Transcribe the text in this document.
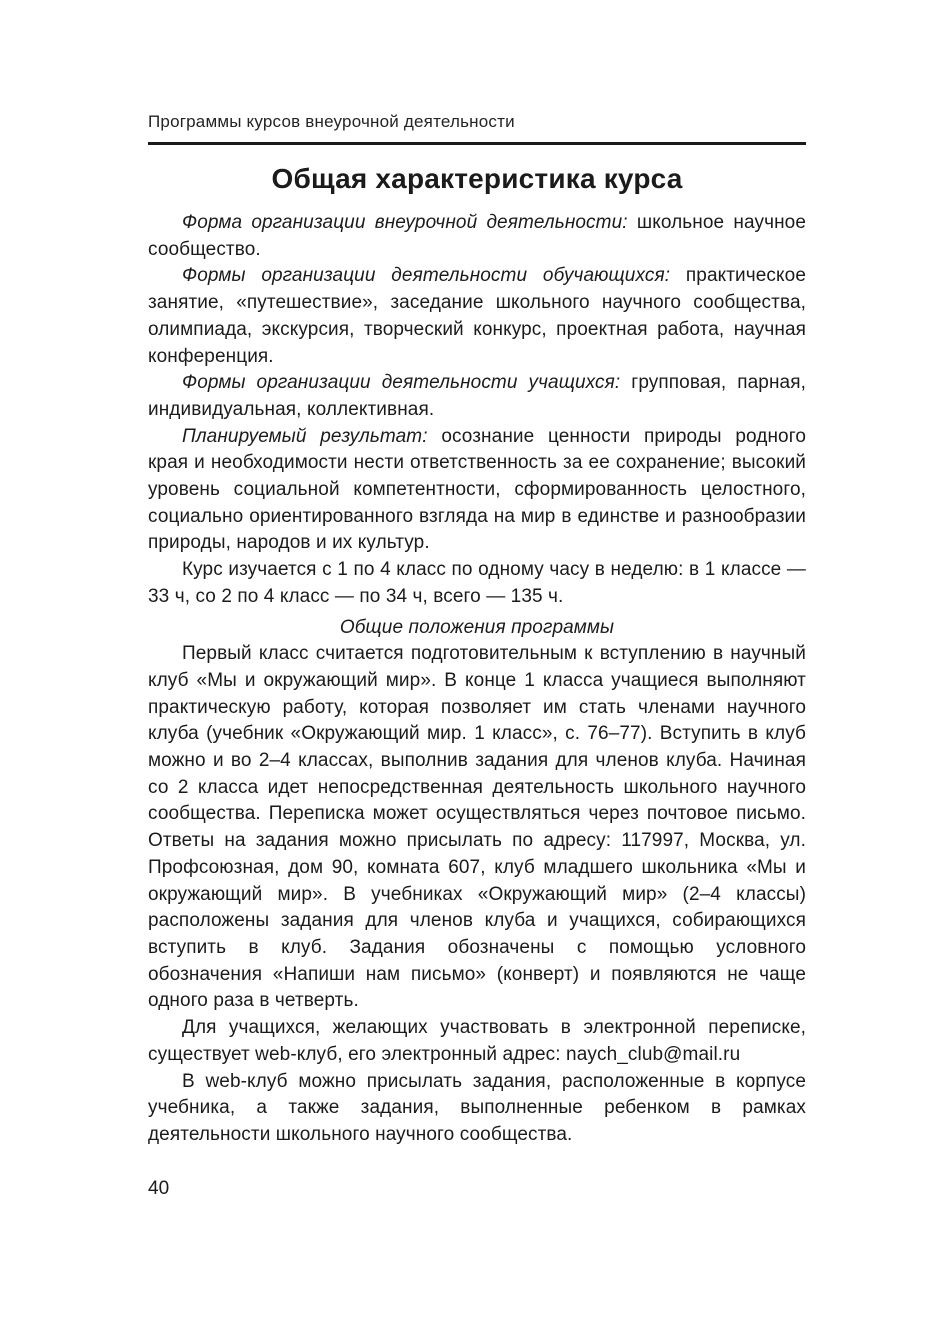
Программы курсов внеурочной деятельности
Общая характеристика курса

Форма организации внеурочной деятельности: школьное научное сообщество.

Формы организации деятельности обучающихся: практическое занятие, «путешествие», заседание школьного научного сообщества, олимпиада, экскурсия, творческий конкурс, проектная работа, научная конференция.

Формы организации деятельности учащихся: групповая, парная, индивидуальная, коллективная.

Планируемый результат: осознание ценности природы родного края и необходимости нести ответственность за ее сохранение; высокий уровень социальной компетентности, сформированность целостного, социально ориентированного взгляда на мир в единстве и разнообразии природы, народов и их культур.

Курс изучается с 1 по 4 класс по одному часу в неделю: в 1 классе — 33 ч, со 2 по 4 класс — по 34 ч, всего — 135 ч.

Общие положения программы

Первый класс считается подготовительным к вступлению в научный клуб «Мы и окружающий мир». В конце 1 класса учащиеся выполняют практическую работу, которая позволяет им стать членами научного клуба (учебник «Окружающий мир. 1 класс», с. 76–77). Вступить в клуб можно и во 2–4 классах, выполнив задания для членов клуба. Начиная со 2 класса идет непосредственная деятельность школьного научного сообщества. Переписка может осуществляться через почтовое письмо. Ответы на задания можно присылать по адресу: 117997, Москва, ул. Профсоюзная, дом 90, комната 607, клуб младшего школьника «Мы и окружающий мир». В учебниках «Окружающий мир» (2–4 классы) расположены задания для членов клуба и учащихся, собирающихся вступить в клуб. Задания обозначены с помощью условного обозначения «Напиши нам письмо» (конверт) и появляются не чаще одного раза в четверть.

Для учащихся, желающих участвовать в электронной переписке, существует web-клуб, его электронный адрес: naych_club@mail.ru

В web-клуб можно присылать задания, расположенные в корпусе учебника, а также задания, выполненные ребенком в рамках деятельности школьного научного сообщества.

40
